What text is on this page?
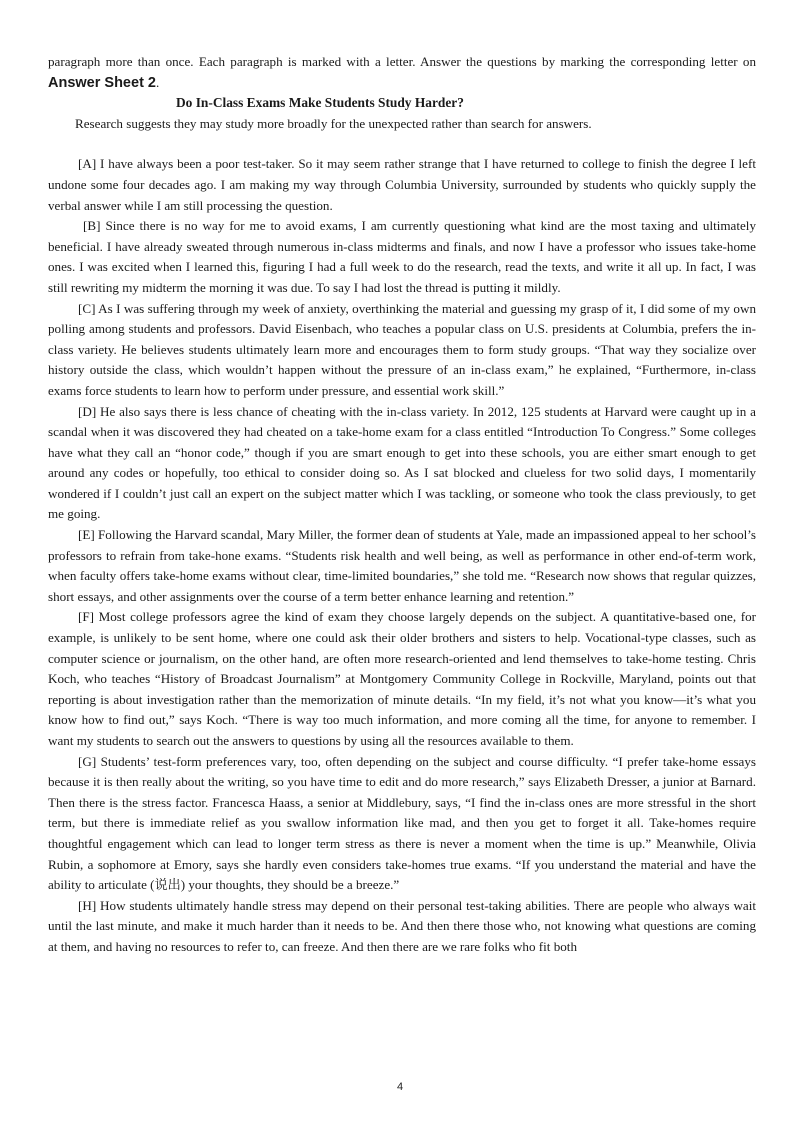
paragraph more than once. Each paragraph is marked with a letter. Answer the questions by marking the corresponding letter on Answer Sheet 2.

Do In-Class Exams Make Students Study Harder?

Research suggests they may study more broadly for the unexpected rather than search for answers.

[A] I have always been a poor test-taker. So it may seem rather strange that I have returned to college to finish the degree I left undone some four decades ago. I am making my way through Columbia University, surrounded by students who quickly supply the verbal answer while I am still processing the question.

[B] Since there is no way for me to avoid exams, I am currently questioning what kind are the most taxing and ultimately beneficial. I have already sweated through numerous in-class midterms and finals, and now I have a professor who issues take-home ones. I was excited when I learned this, figuring I had a full week to do the research, read the texts, and write it all up. In fact, I was still rewriting my midterm the morning it was due. To say I had lost the thread is putting it mildly.

[C] As I was suffering through my week of anxiety, overthinking the material and guessing my grasp of it, I did some of my own polling among students and professors. David Eisenbach, who teaches a popular class on U.S. presidents at Columbia, prefers the in-class variety. He believes students ultimately learn more and encourages them to form study groups. “That way they socialize over history outside the class, which wouldn’t happen without the pressure of an in-class exam,” he explained, “Furthermore, in-class exams force students to learn how to perform under pressure, and essential work skill.”

[D] He also says there is less chance of cheating with the in-class variety. In 2012, 125 students at Harvard were caught up in a scandal when it was discovered they had cheated on a take-home exam for a class entitled “Introduction To Congress.” Some colleges have what they call an “honor code,” though if you are smart enough to get into these schools, you are either smart enough to get around any codes or hopefully, too ethical to consider doing so. As I sat blocked and clueless for two solid days, I momentarily wondered if I couldn’t just call an expert on the subject matter which I was tackling, or someone who took the class previously, to get me going.

[E] Following the Harvard scandal, Mary Miller, the former dean of students at Yale, made an impassioned appeal to her school’s professors to refrain from take-hone exams. “Students risk health and well being, as well as performance in other end-of-term work, when faculty offers take-home exams without clear, time-limited boundaries,” she told me. “Research now shows that regular quizzes, short essays, and other assignments over the course of a term better enhance learning and retention.”

[F] Most college professors agree the kind of exam they choose largely depends on the subject. A quantitative-based one, for example, is unlikely to be sent home, where one could ask their older brothers and sisters to help. Vocational-type classes, such as computer science or journalism, on the other hand, are often more research-oriented and lend themselves to take-home testing. Chris Koch, who teaches “History of Broadcast Journalism” at Montgomery Community College in Rockville, Maryland, points out that reporting is about investigation rather than the memorization of minute details. “In my field, it’s not what you know—it’s what you know how to find out,” says Koch. “There is way too much information, and more coming all the time, for anyone to remember. I want my students to search out the answers to questions by using all the resources available to them.

[G] Students’ test-form preferences vary, too, often depending on the subject and course difficulty. “I prefer take-home essays because it is then really about the writing, so you have time to edit and do more research,” says Elizabeth Dresser, a junior at Barnard. Then there is the stress factor. Francesca Haass, a senior at Middlebury, says, “I find the in-class ones are more stressful in the short term, but there is immediate relief as you swallow information like mad, and then you get to forget it all. Take-homes require thoughtful engagement which can lead to longer term stress as there is never a moment when the time is up.” Meanwhile, Olivia Rubin, a sophomore at Emory, says she hardly even considers take-homes true exams. “If you understand the material and have the ability to articulate (说出) your thoughts, they should be a breeze.”

[H] How students ultimately handle stress may depend on their personal test-taking abilities. There are people who always wait until the last minute, and make it much harder than it needs to be. And then there those who, not knowing what questions are coming at them, and having no resources to refer to, can freeze. And then there are we rare folks who fit both

4
